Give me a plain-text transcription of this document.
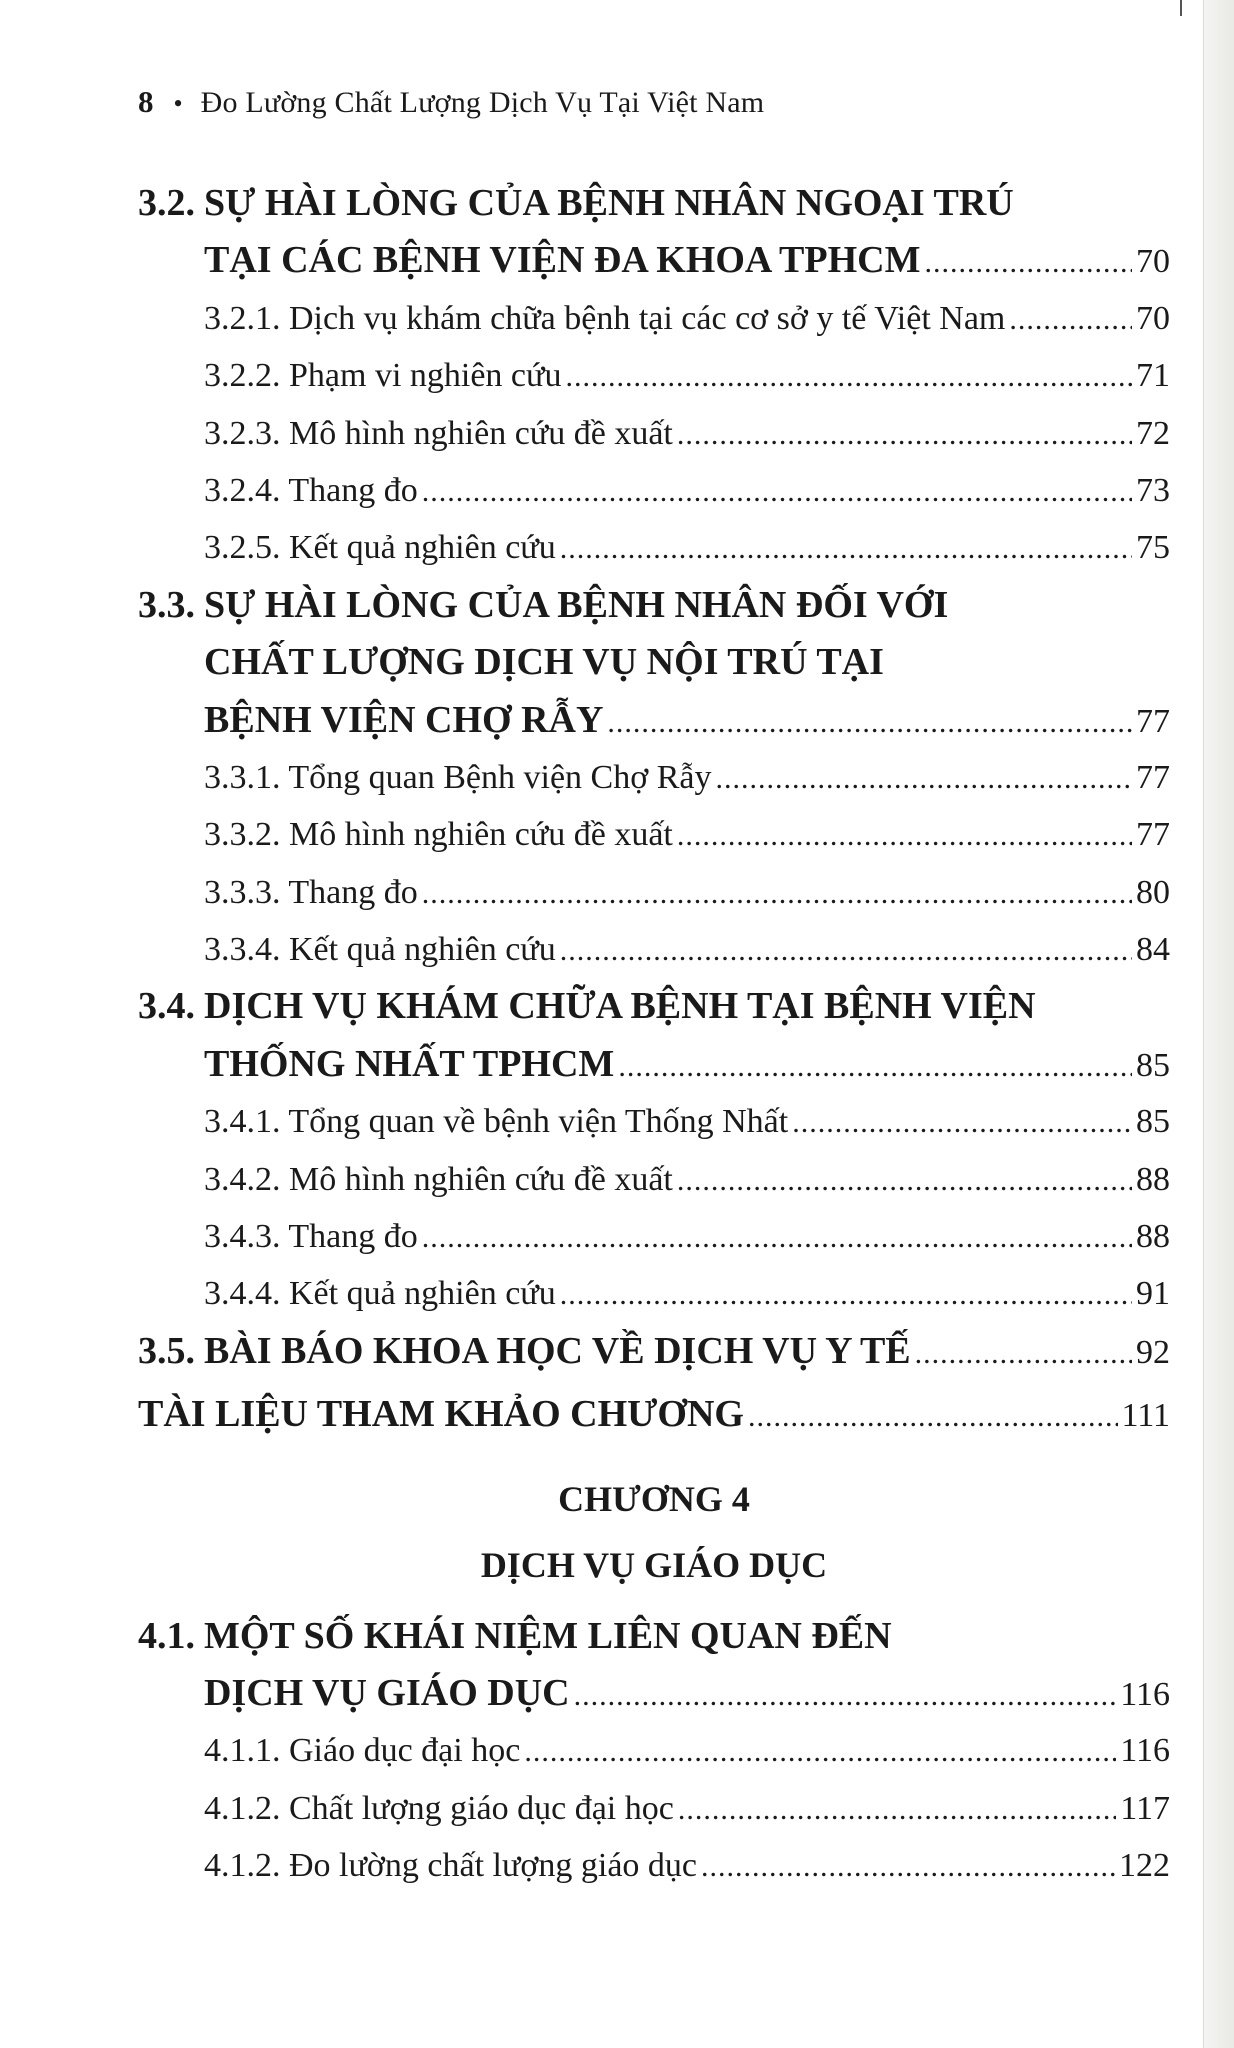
8 • Đo Lường Chất Lượng Dịch Vụ Tại Việt Nam
3.2. SỰ HÀI LÒNG CỦA BỆNH NHÂN NGOẠI TRÚ
TẠI CÁC BỆNH VIỆN ĐA KHOA TPHCM .....	70
3.2.1. Dịch vụ khám chữa bệnh tại các cơ sở y tế Việt Nam .....	70
3.2.2. Phạm vi nghiên cứu .....	71
3.2.3. Mô hình nghiên cứu đề xuất .....	72
3.2.4. Thang đo .....	73
3.2.5. Kết quả nghiên cứu .....	75
3.3. SỰ HÀI LÒNG CỦA BỆNH NHÂN ĐỐI VỚI
CHẤT LƯỢNG DỊCH VỤ NỘI TRÚ TẠI
BỆNH VIỆN CHỢ RẪY .....	77
3.3.1. Tổng quan Bệnh viện Chợ Rẫy .....	77
3.3.2. Mô hình nghiên cứu đề xuất .....	77
3.3.3. Thang đo .....	80
3.3.4. Kết quả nghiên cứu .....	84
3.4. DỊCH VỤ KHÁM CHỮA BỆNH TẠI BỆNH VIỆN
THỐNG NHẤT TPHCM .....	85
3.4.1. Tổng quan về bệnh viện Thống Nhất .....	85
3.4.2. Mô hình nghiên cứu đề xuất .....	88
3.4.3. Thang đo .....	88
3.4.4. Kết quả nghiên cứu .....	91
3.5. BÀI BÁO KHOA HỌC VỀ DỊCH VỤ Y TẾ .....	92
TÀI LIỆU THAM KHẢO CHƯƠNG .....	111
CHƯƠNG 4
DỊCH VỤ GIÁO DỤC
4.1. MỘT SỐ KHÁI NIỆM LIÊN QUAN ĐẾN
DỊCH VỤ GIÁO DỤC .....	116
4.1.1. Giáo dục đại học .....	116
4.1.2. Chất lượng giáo dục đại học .....	117
4.1.2. Đo lường chất lượng giáo dục .....	122
